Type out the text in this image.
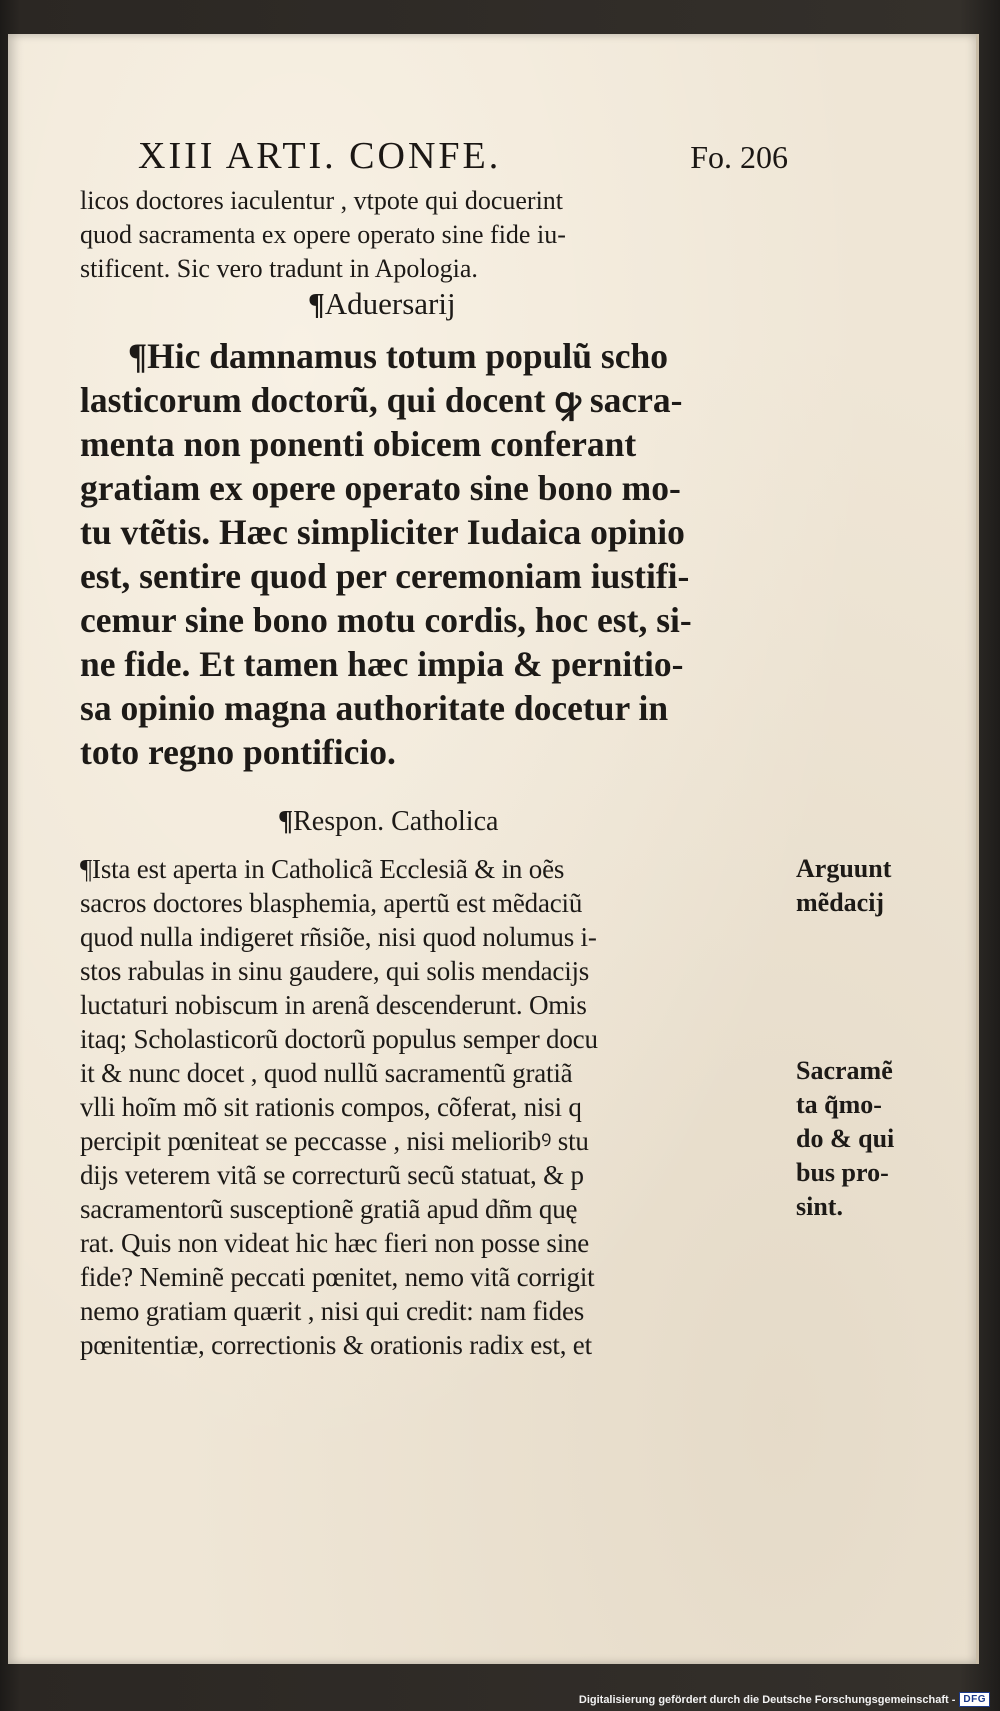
XIII ARTI. CONFE.	Fo. 206
licos doctores iaculentur , vtpote qui docuerint
quod sacramenta ex opere operato sine fide iu-
stificent. Sic vero tradunt in Apologia.
¶Aduersarij
¶Hic damnamus totum populũ scho
lasticorum doctorũ, qui docent ꝙ sacra-
menta non ponenti obicem conferant
gratiam ex opere operato sine bono mo-
tu vtẽtis. Hæc simpliciter Iudaica opinio
est, sentire quod per ceremoniam iustifi-
cemur sine bono motu cordis, hoc est, si-
ne fide. Et tamen hæc impia & pernitio-
sa opinio magna authoritate docetur in
toto regno pontificio.
¶Respon. Catholica
¶Ista est aperta in Catholicã Ecclesiã & in oẽs
sacros doctores blasphemia, apertũ est mẽdaciũ
quod nulla indigeret rñsiõe, nisi quod nolumus i-
stos rabulas in sinu gaudere, qui solis mendacijs
luctaturi nobiscum in arenã descenderunt. Omis
itaq; Scholasticorũ doctorũ populus semper docu
it & nunc docet , quod nullũ sacramentũ gratiã
vlli hoĩm mõ sit rationis compos, cõferat, nisi q
percipit pœniteat se peccasse , nisi melioribꝰ stu
dijs veterem vitã se correcturũ secũ statuat, & p
sacramentorũ susceptionẽ gratiã apud dñm quę
rat. Quis non videat hic hæc fieri non posse sine
fide? Neminẽ peccati pœnitet, nemo vitã corrigit
nemo gratiam quærit , nisi qui credit: nam fides
pœnitentiæ, correctionis & orationis radix est, et
Arguunt
mẽdacij
Sacramẽ
ta q̃mo-
do & qui
bus pro-
sint.
Digitalisierung gefördert durch die Deutsche Forschungsgemeinschaft - DFG
